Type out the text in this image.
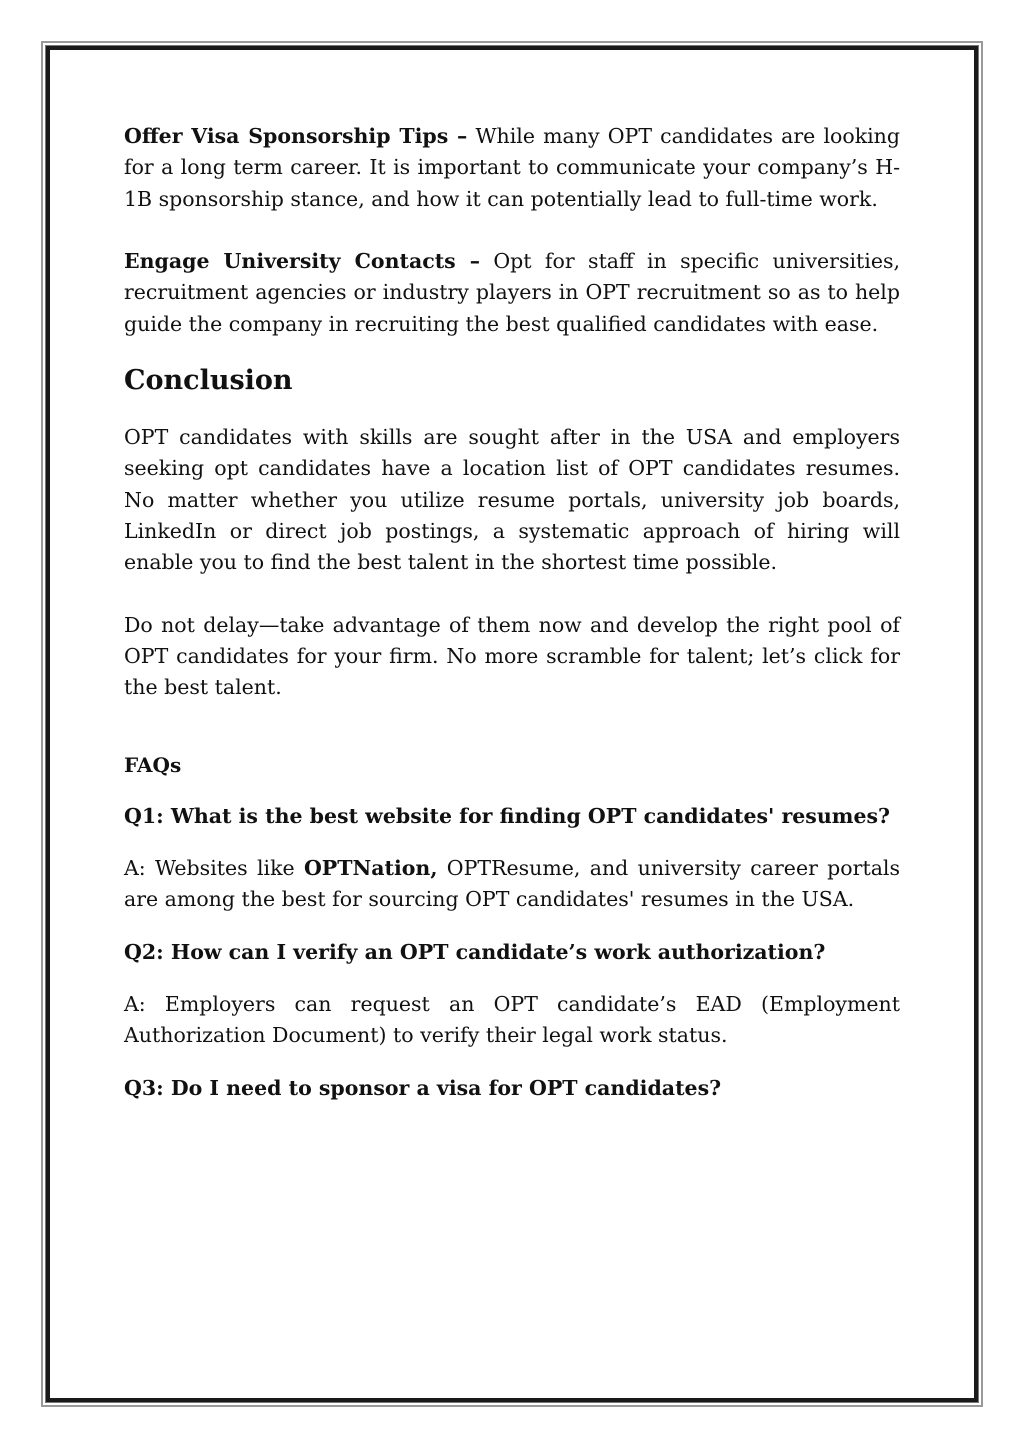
Offer Visa Sponsorship Tips – While many OPT candidates are looking for a long term career. It is important to communicate your company’s H-1B sponsorship stance, and how it can potentially lead to full-time work.

Engage University Contacts – Opt for staff in specific universities, recruitment agencies or industry players in OPT recruitment so as to help guide the company in recruiting the best qualified candidates with ease.

Conclusion

OPT candidates with skills are sought after in the USA and employers seeking opt candidates have a location list of OPT candidates resumes. No matter whether you utilize resume portals, university job boards, LinkedIn or direct job postings, a systematic approach of hiring will enable you to find the best talent in the shortest time possible.

Do not delay—take advantage of them now and develop the right pool of OPT candidates for your firm. No more scramble for talent; let’s click for the best talent.

FAQs

Q1: What is the best website for finding OPT candidates' resumes?

A: Websites like OPTNation, OPTResume, and university career portals are among the best for sourcing OPT candidates' resumes in the USA.

Q2: How can I verify an OPT candidate’s work authorization?

A: Employers can request an OPT candidate’s EAD (Employment Authorization Document) to verify their legal work status.

Q3: Do I need to sponsor a visa for OPT candidates?
